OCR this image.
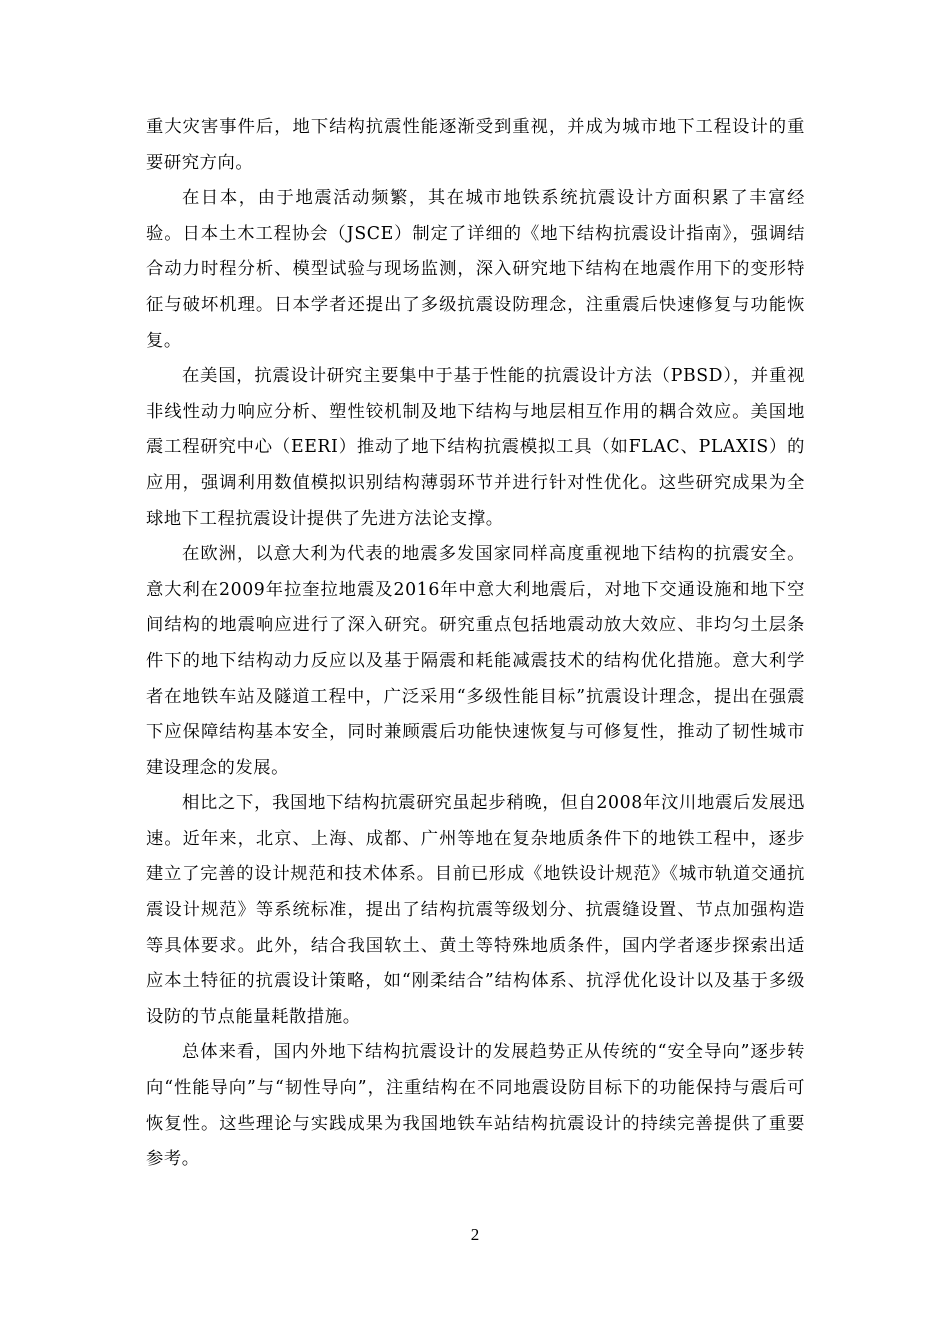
重大灾害事件后，地下结构抗震性能逐渐受到重视，并成为城市地下工程设计的重要研究方向。

在日本，由于地震活动频繁，其在城市地铁系统抗震设计方面积累了丰富经验。日本土木工程协会（JSCE）制定了详细的《地下结构抗震设计指南》，强调结合动力时程分析、模型试验与现场监测，深入研究地下结构在地震作用下的变形特征与破坏机理。日本学者还提出了多级抗震设防理念，注重震后快速修复与功能恢复。

在美国，抗震设计研究主要集中于基于性能的抗震设计方法（PBSD），并重视非线性动力响应分析、塑性铰机制及地下结构与地层相互作用的耦合效应。美国地震工程研究中心（EERI）推动了地下结构抗震模拟工具（如FLAC、PLAXIS）的应用，强调利用数值模拟识别结构薄弱环节并进行针对性优化。这些研究成果为全球地下工程抗震设计提供了先进方法论支撑。

在欧洲，以意大利为代表的地震多发国家同样高度重视地下结构的抗震安全。意大利在2009年拉奎拉地震及2016年中意大利地震后，对地下交通设施和地下空间结构的地震响应进行了深入研究。研究重点包括地震动放大效应、非均匀土层条件下的地下结构动力反应以及基于隔震和耗能减震技术的结构优化措施。意大利学者在地铁车站及隧道工程中，广泛采用“多级性能目标”抗震设计理念，提出在强震下应保障结构基本安全，同时兼顾震后功能快速恢复与可修复性，推动了韧性城市建设理念的发展。

相比之下，我国地下结构抗震研究虽起步稍晚，但自2008年汶川地震后发展迅速。近年来，北京、上海、成都、广州等地在复杂地质条件下的地铁工程中，逐步建立了完善的设计规范和技术体系。目前已形成《地铁设计规范》《城市轨道交通抗震设计规范》等系统标准，提出了结构抗震等级划分、抗震缝设置、节点加强构造等具体要求。此外，结合我国软土、黄土等特殊地质条件，国内学者逐步探索出适应本土特征的抗震设计策略，如“刚柔结合”结构体系、抗浮优化设计以及基于多级设防的节点能量耗散措施。

总体来看，国内外地下结构抗震设计的发展趋势正从传统的“安全导向”逐步转向“性能导向”与“韧性导向”，注重结构在不同地震设防目标下的功能保持与震后可恢复性。这些理论与实践成果为我国地铁车站结构抗震设计的持续完善提供了重要参考。

2
